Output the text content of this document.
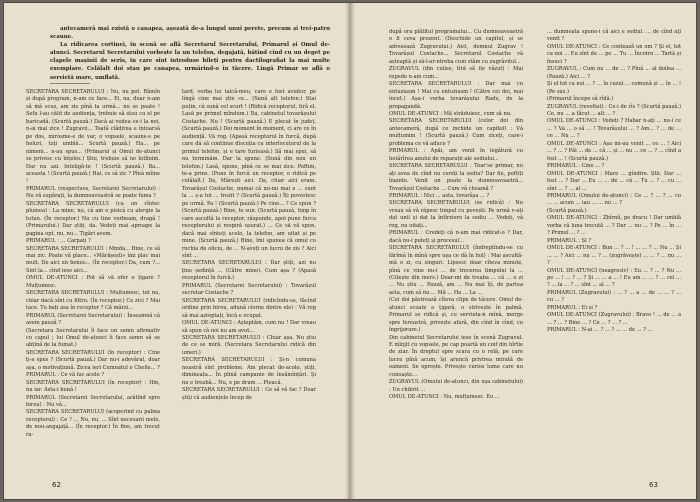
antecamerǎ mai existǎ o canapea, așezatǎ de-a lungul unui perete, precum și trei-patru scaune.

La ridicarea cortinei, în scenǎ se aflǎ Secretarul Secretarului, Primarul și Omul de-atunci. Secretarul Secretarului vorbește la un telefon, degajatǎ, bǎtînd cînd cu un deget pe clapele mașinii de scris, în care sînt introduse bileți pentru dactilografiat la mai multe exemplare. Celălalt doi stau pe canapea, urmǎrind-o în tǎcere. Lîngǎ Primar se aflǎ o servietǎ mare, umflatǎ.

SECRETARA SECRETARULUI : Nu, nu pot. Rǎmîn și după program, n-am ce face... Ei, na, doar n-am sǎ mǎ scuz, am zis pînǎ la urmǎ... nu se poate ! Sefu l-au cǎlit de audiența, trebuie sǎ stau cu el pe baricadǎ. (Scurtǎ pauzǎ.) Dacǎ ai vedea ce-i la noi, n-ai mai zice ! Zugravii... Toatǎ clădirea e întoarsǎ pe dos, mirosme-e de var, o vopsele, scaune-s pe holuri, toți umblǎ... Scurtǎ pauzǎ.) Ha... pe nimeni... n-au spus... (Primarul și Omul de-atunci se privesc cu înțeles.) Știu, trebuie sǎ ne întîlnim. Dar nu azi. Inteligǎ-te ! (Scurtǎ pauzǎ.) Ba... aceasta ! (Scurtǎ pauzǎ.) Hai, ce sǎ zic ? Pînǎ mîine !

PRIMARUL (respectuos, Secretarei Secretarului) : Nu vǎ supǎrați, la dumneavoastrǎ se poate fuma ?

SECRETARA SECRETARULUI (ca un cîntec plumea) : La mine, nu, cǎ am o pisicǎ cu alergie la tutun. (În receptor.) Nu cu tine vorbeam, dragǎ ! (Primarului.) Dar știți, da. Vedeți mai aproape la pagina opt, nu, nu... Țigări avem.

PRIMARUL : ... Carpați ?

SECRETARA SECRETARULUI : Mmda... Bine, ce să mai zic. Poate vă place... «Mărășești» îmi plac mai mult. De aici un bonus... (În receptor.) Da, cum ?... Sint la... cînd iese aici...

OMUL DE-ATUNCI : Pot să vă ofer o țigare ? Mulțumesc.

SECRETARA SECRETARULUI : Multumesc, tot nu, chiar dacǎ sînt cu filtru. (În receptor.) Ce zici ? Mai tace. Tu bați asa în receptor ? Cǎ mǎrzi...

PRIMARUL (Secretarei Secretarului) : Înseamnă cǎ avem pauzǎ ?

(Secretara Secretarului îi face un semn afirmativ cu capul ; lui Omul de-atunci îi face semn sǎ se abțină de la fumat.)

SECRETARA SECRETARULUI (în receptor) : Cine ți-a spus ? (Scurtǎ pauzǎ.) Dar nu-i adevǎrat, doar așa, o motivațiunǎ. Zicea ieri Cumnatul o Cheile... ?

PRIMARUL : Ce vă fac acolo ?

SECRETARA SECRETARULUI (în receptor) : Hm, nu iar. Asta-i bunǎ !

PRIMARUL (Secretarei Secretarului, arǎtînd spre birou) : Nu vǎ...

SECRETARA SECRETARULUI (acoperind cu palma receptorul) : Ce ? ... Nu, nu, ... Sînt necesarii mele, de nou-angajațǎ... (În receptor.) În fine, am trecut ra-

tard, vorba lui taică-meu, care e fost aviator, pe lîngǎ cine mai știe ce... (Sună alt telefon.) Stai puțin, cǎ sunǎ cel scurt ! (Ridicǎ receptorul, tirǎ el. Lasǎ pe primul mîndum.) Da, cabinetul tovarǎșului Costache. Nu ! (Scurtǎ pauzǎ.) E plecat în județ. (Scurtǎ pauzǎ.) Doi moment în moment, ci are ce în audiență. Vǎ rog. (Apasǎ receptorul în furcǎ, după care dǎ să continue discuția cu interlocutorul de la primul telefon, și e tare furioasǎ.) Sǎ mai spui, sǎ nu terminǎm. Dar la spune. (Sunǎ din nou un telefon.) Lasǎ, spune, pînǎ ce se mai zice. Poftim, te-a prins. (Pune în furcǎ un receptor, o ridicǎ pe celǎlalt.) Da, Mărești aici. Da, chiar aici eram. Tovarǎșul Costache, numai că nu-mi mai e ... sunt la ... ș-a tot ... trezit ? (Scurtǎ pauzǎ.) Îți povestesc pe urmǎ. Pa ! (Scurtǎ pauzǎ.) Pe cine... ? Ce spun ? (Scurtǎ pauzǎ.) Bine, te sun. (Scurtǎ pauzǎ, timp în care ascultǎ la receptor, răspunde, apoi pune furca receptorului și respirǎ ușurat.) ... Ce să vă spun, dacă mai sînteți acolo, la telefon, am uitat și pe mine. (Scurtǎ pauzǎ.) Bine, îmi spunea că omul cu rochia de oficiu, de ... N-aveți un lucru de zis ? Aici sînt ...

SECRETARA SECRETARULUI : Dar știți, azi nu ține ședință ... (Către mine). Cum așa ? (Apasǎ receptorul în furcǎ.)

PRIMARUL (Secretarei Secretarului) : Tovarǎșul secretar Costache ?

SECRETARA SECRETARULUI (ridicîndu-se, făcînd ordine prin birou, adună ciorne dintre ele) : Vă rog să mai așteptați, încǎ e ocupat.

OMUL DE-ATUNCI : Așteptăm, cum nu ! Dar vreau să spun cǎ noi nu am avut...

SECRETARA SECRETARULUI : Chiar așa. Nu știu de ce se miră. (Secretara Secretarului ridică din umeri.)

SECRETARA SECRETARULUI : Și-n comuna noastră sînt probleme. Am plecat de-acolo, știți, dimineața... În plină campanie de însămînțări. Și nu e treabǎ... Nu, e pe drum ... Pleacǎ.

SECRETARA SECRETARULUI : Ce să vă fac ? Doar știți cǎ audiențele încep de

62

după ora plătitul programului... Cu dumneavoastrǎ o fi ceva prezent. (Deschide un capitol, și se adreseazǎ Zugravului.) Aici, domnul Zugrav ! Tovarǎșul Costache... Secretarul Costache vǎ așteaptǎ și sǎ-l-ar-ntreba cum stǎm cu zugrǎvitul...

ZUGRAVUL (din culise, tîrǎ să fie văzut) : Mai repede n-am cum...

SECRETARA SECRETARULUI : Dar mai cu entuziasm ! Mai cu entuziasm ! (Către cei doi, mai încet.) Așa-i vorba tovarǎșului Radu, de la propagandǎ.

OMUL DE-ATUNCI : Mă străduiesc, cum să nu.

SECRETARA SECRETARULUI (celor doi din antecamerǎ, după ce inchide un capitol) : Vǎ mulțumim ! (Scurtǎ pauzǎ.) Cum ziceți, care-i problema ce vǎ aduce ?

PRIMARUL : Apăi, am venit în legǎturǎ cu hotǎrîrea anului de reparații ale sediului...

SECRETARA SECRETARULUI : Toar'se primar, nu ați avea de cînd nu cereți la sediu? Dar fie, poftiți înainte. Venit un poate la dumneavoastră... Tovarǎșul Costache ... Cum vǎ cheamă ?

PRIMARUL : Nici ... asta, tovarǎșa ... ?

SECRETARA SECRETARULUI (se ridicǎ) : Nu vreau sǎ vǎ răpesc timpul cu povești. Pe urmǎ v-ați dat unii și dat la întîrziere la sediu ... Vedeți, vǎ rog, nu uitați...

PRIMARUL : Credeți cǎ n-am mai ridicat-o ? Dar, dacă nu-i puteți și procesul...

SECRETARA SECRETARULUI (îndreptîndu-se cu fărîmǎ în mînǎ spre ușa ce dǎ în hol) : Mai ascultǎ-mǎ o zi, cu singuri. Lipsesc doar cîteva minute, pînǎ ce vine nu-i ... de trecerea timpului la ... (Citește din mers.) Doar-mi de treaba ... că ... o zi ... Nu știu ... Pauză, am ... Nu mai îți, de partea asta, cum să nu ... Mă ... Ha ... La ...

(Cei doi păstreazǎ cîteva clipe de tǎcere. Omul de-atunci scoate o țigarǎ, o strivește în palmǎ. Primarul se ridicǎ și, cu servieta-n mînǎ, merge spre fereastrǎ, privește afarǎ, din cînd în cînd, cu îngrijorare.)

Din cabinetul Secretarului iese în scenǎ Zugravul. E mînjit cu vopsele, pe cap poartǎ un coif din hîrtie de ziar. În dreptul spre scara cu o rolǎ, pe care lucra pînǎ acum, își aruncǎ privirea mirată de oameni. Se oprește. Privește curios lume care nu cunoaște...

ZUGRAVUL (Omului de-atunci, din ușa cabinetului) : Un chibrit ...

OMUL DE-ATUNCI : Nu, mulțumesc. Eu ...

... dumneata spune-i cǎ aici e sediul. ... de cînd ați venit ?

OMUL DE-ATUNCI : Ce contează un om ? Și el, tot ca noi ... Eu sînt de ... pe ... Tu ... Încotro ... Tartă și însuci ?

ZUGRAVUL : Cum nu ... de ... ? Pînǎ ... al doilea ... (Pauzǎ.) Aici ... ?

Și el tot ca noi ... ? ... în cazul ... comunǎ și ... în ... ! (Pe sus.)

(Primarul începe să rîdǎ.)

ZUGRAVUL (revoltat) : Ce-i de rîs ? (Scurtǎ pauzǎ.) Ce, nu ... a făcut ... alt ... ?

OMUL DE-ATUNCI : Vedeți ? Habar n-ați ... nu-i ce ... ? Va ... o să ... ! Tovarǎșului ... ? Am... ? ... de ... ce ... Nu ... ?

OMUL DE-ATUNCI : Așa mi-au venit ... ce ... ! Aici ... ? ... ? Păi ... de ... că ... și ... nu ... ce ... ? ... cînd a fost ... ! (Scurtǎ pauzǎ.)

PRIMARUL : Cine ... ?

OMUL DE-ATUNCI : Mare ... gîndire. Știi. Dar ... fost ... ? Dar ... Eu ... ... de ... că ... Tu ... ? ... cu ... sînt ... ? ... al ...

PRIMARUL (Omului de-atunci) : Ce ... ? ... ? ... cu ... ... acum ... iau ... ... nu ... ?

(Scurtǎ pauzǎ.)

OMUL DE-ATUNCI : Zbîrnîi, pe dracu ! Dar umblǎ vorba cǎ luna trecută ... ? Dar ... nu ... ? Pe ... în ... ? Primul ... ? ...

PRIMARUL : Și ?

OMUL DE-ATUNCI : Bun ... ? ... ! ... ... ? ... Nu ... Și ... ... ? Aici ... nu ... ? ... (zugrăvește) ... ... ? ... nu ... ?

OMUL DE-ATUNCI (neagresiv) : Eu ... ? ... ? Nu ... pe ... ! ... ? ... ? Și ... ... a ... ! Eu am ... ... ? ... cel ... ? ... la ... ? ... sînt ... al ... ?

PRIMARUL (Zugravului) : ... ? ... a ... de ... ... ? ... cu ... ?

PRIMARUL : Ei și ?

OMUL DE-ATUNCI (Zugravului) : Bravo ! ... de ... a ... ? ... ? Bine ... ? Ce ... ? ... ? ...

PRIMARUL : N-ai ... ? ... ? ... ... de ... ? ...

63
